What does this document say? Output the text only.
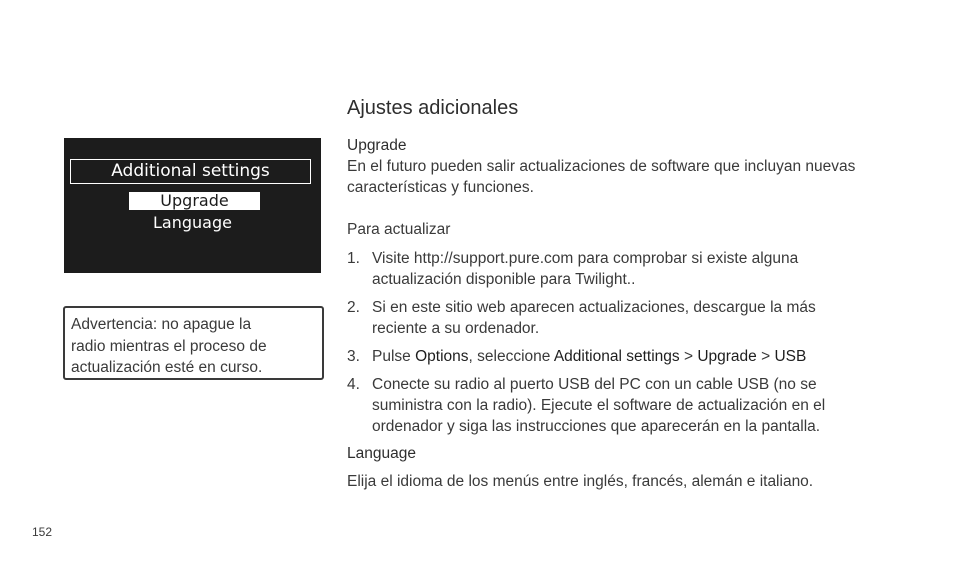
Additional settings
Upgrade
Language
Advertencia: no apague la
radio mientras el proceso de
actualización esté en curso.
Ajustes adicionales
Upgrade
En el futuro pueden salir actualizaciones de software que incluyan nuevas
características y funciones.
Para actualizar
1. Visite http://support.pure.com para comprobar si existe alguna
actualización disponible para Twilight..
2. Si en este sitio web aparecen actualizaciones, descargue la más
reciente a su ordenador.
3. Pulse Options, seleccione Additional settings > Upgrade > USB
4. Conecte su radio al puerto USB del PC con un cable USB (no se
suministra con la radio). Ejecute el software de actualización en el
ordenador y siga las instrucciones que aparecerán en la pantalla.
Language
Elija el idioma de los menús entre inglés, francés, alemán e italiano.
152
